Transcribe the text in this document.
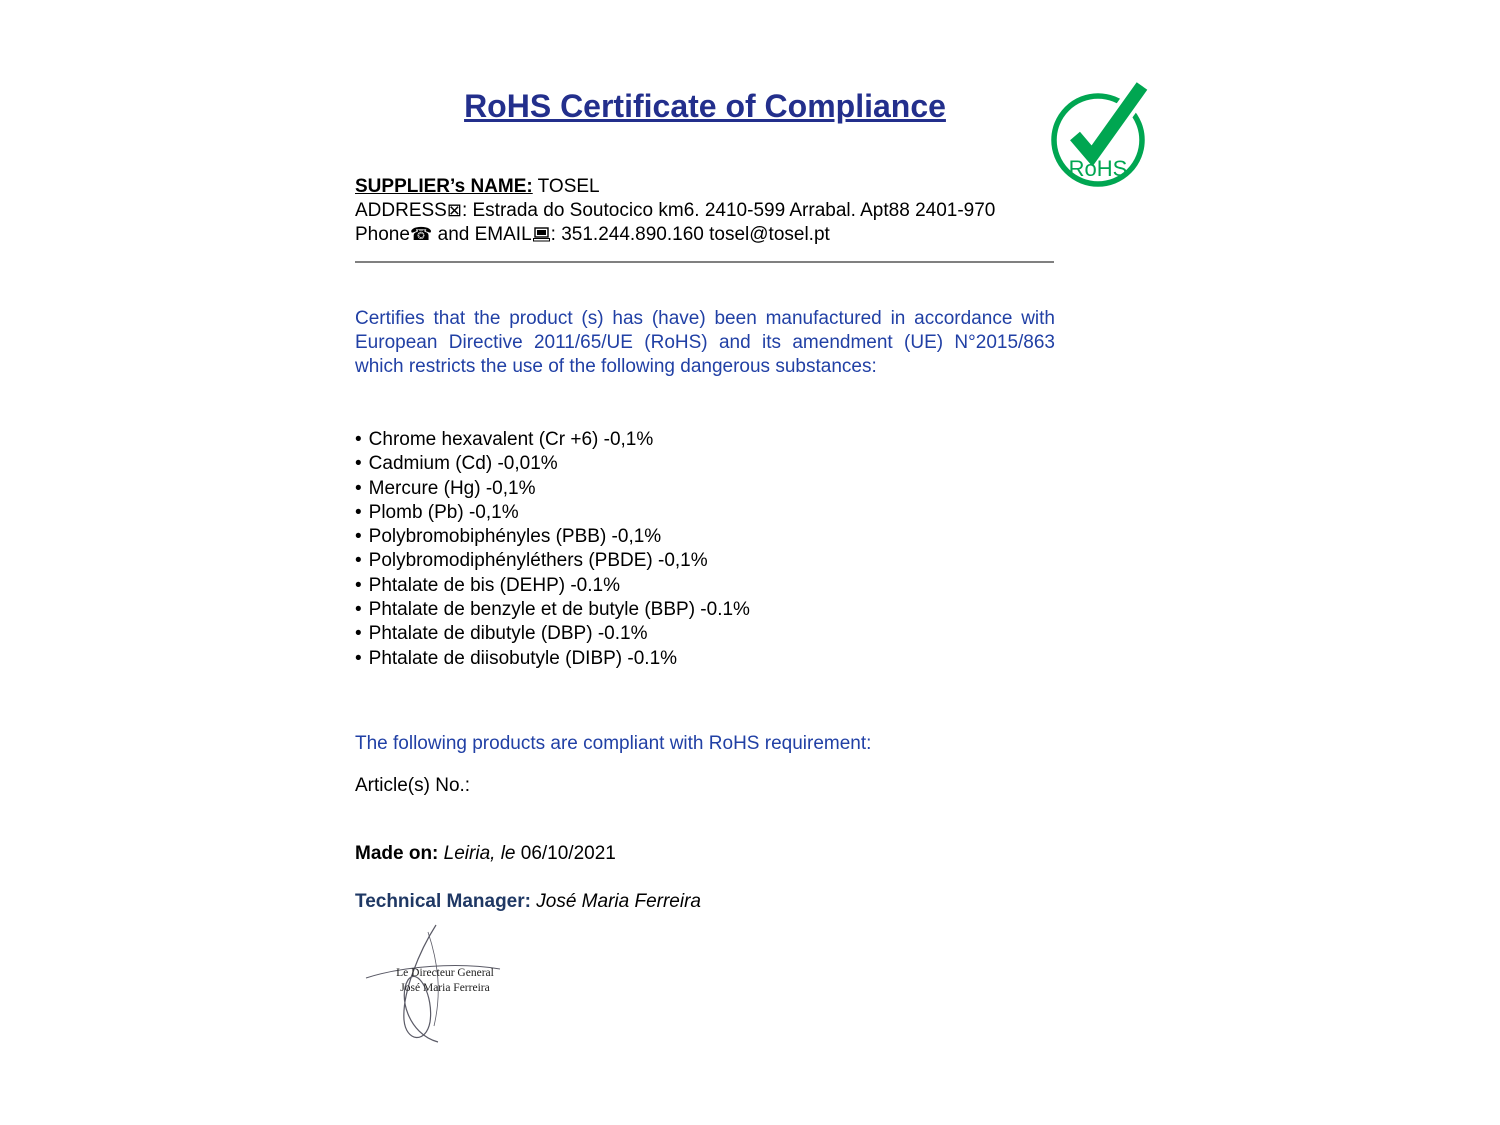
RoHS Certificate of Compliance
RoHS
SUPPLIER’s NAME: TOSEL
ADDRESS⊠: Estrada do Soutocico km6. 2410-599 Arrabal. Apt88 2401-970
Phone☎ and EMAIL : 351.244.890.160 tosel@tosel.pt

Certifies that the product (s) has (have) been manufactured in accordance with European Directive 2011/65/UE (RoHS) and its amendment (UE) N°2015/863 which restricts the use of the following dangerous substances:

• Chrome hexavalent (Cr +6) -0,1%
• Cadmium (Cd) -0,01%
• Mercure (Hg) -0,1%
• Plomb (Pb) -0,1%
• Polybromobiphényles (PBB) -0,1%
• Polybromodiphényléthers (PBDE) -0,1%
• Phtalate de bis (DEHP) -0.1%
• Phtalate de benzyle et de butyle (BBP) -0.1%
• Phtalate de dibutyle (DBP) -0.1%
• Phtalate de diisobutyle (DIBP) -0.1%
The following products are compliant with RoHS requirement:
Article(s) No.:
Made on: Leiria, le 06/10/2021
Technical Manager: José Maria Ferreira
Le Directeur General
José Maria Ferreira
